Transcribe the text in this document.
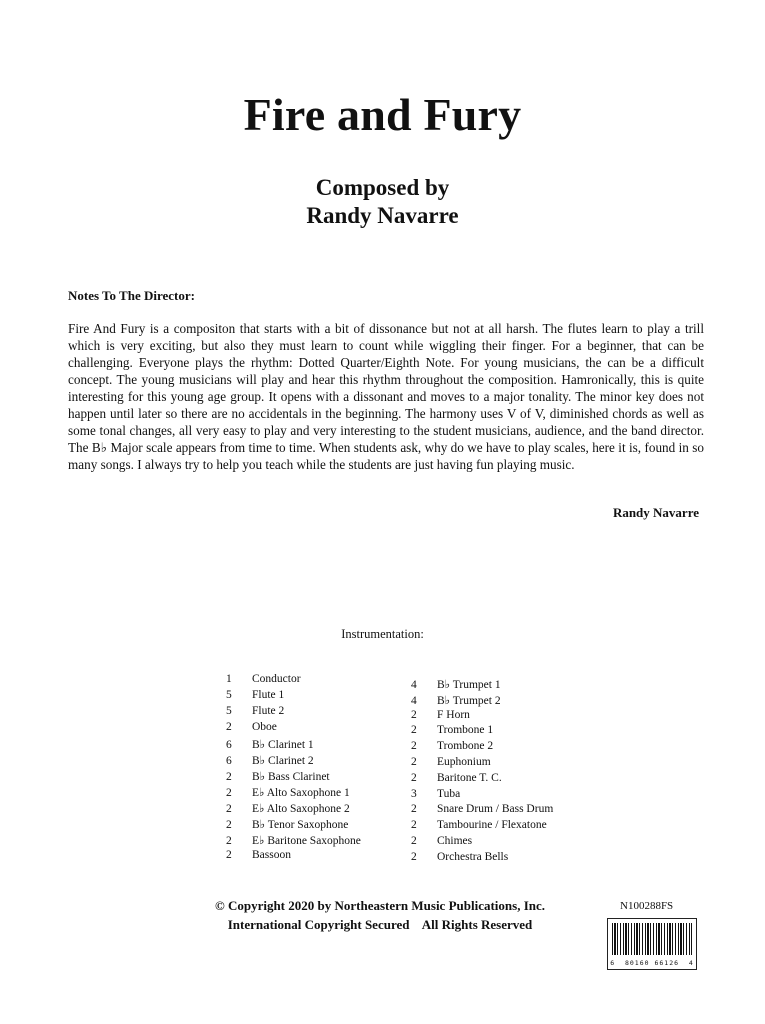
Fire and Fury
Composed by
Randy Navarre
Notes To The Director:

Fire And Fury is a compositon that starts with a bit of dissonance but not at all harsh. The flutes learn to play a trill which is very exciting, but also they must learn to count while wiggling their finger. For a beginner, that can be challenging. Everyone plays the rhythm: Dotted Quarter/Eighth Note. For young musicians, the can be a difficult concept. The young musicians will play and hear this rhythm throughout the composition. Hamronically, this is quite interesting for this young age group. It opens with a dissonant and moves to a major tonality. The minor key does not happen until later so there are no accidentals in the beginning. The harmony uses V of V, diminished chords as well as some tonal changes, all very easy to play and very interesting to the student musicians, audience, and the band director. The B♭ Major scale appears from time to time. When students ask, why do we have to play scales, here it is, found in so many songs. I always try to help you teach while the students are just having fun playing music.

Randy Navarre
Instrumentation:
1	Conductor
5	Flute 1
5	Flute 2
2	Oboe
6	B♭ Clarinet 1
6	B♭ Clarinet 2
2	B♭ Bass Clarinet
2	E♭ Alto Saxophone 1
2	E♭ Alto Saxophone 2
2	B♭ Tenor Saxophone
2	E♭ Baritone Saxophone
2	Bassoon
4	B♭ Trumpet 1
4	B♭ Trumpet 2
2	F Horn
2	Trombone 1
2	Trombone 2
2	Euphonium
2	Baritone T. C.
3	Tuba
2	Snare Drum / Bass Drum
2	Tambourine / Flexatone
2	Chimes
2	Orchestra Bells
© Copyright 2020 by Northeastern Music Publications, Inc.
International Copyright Secured    All Rights Reserved
N100288FS
6  80160 66126  4
